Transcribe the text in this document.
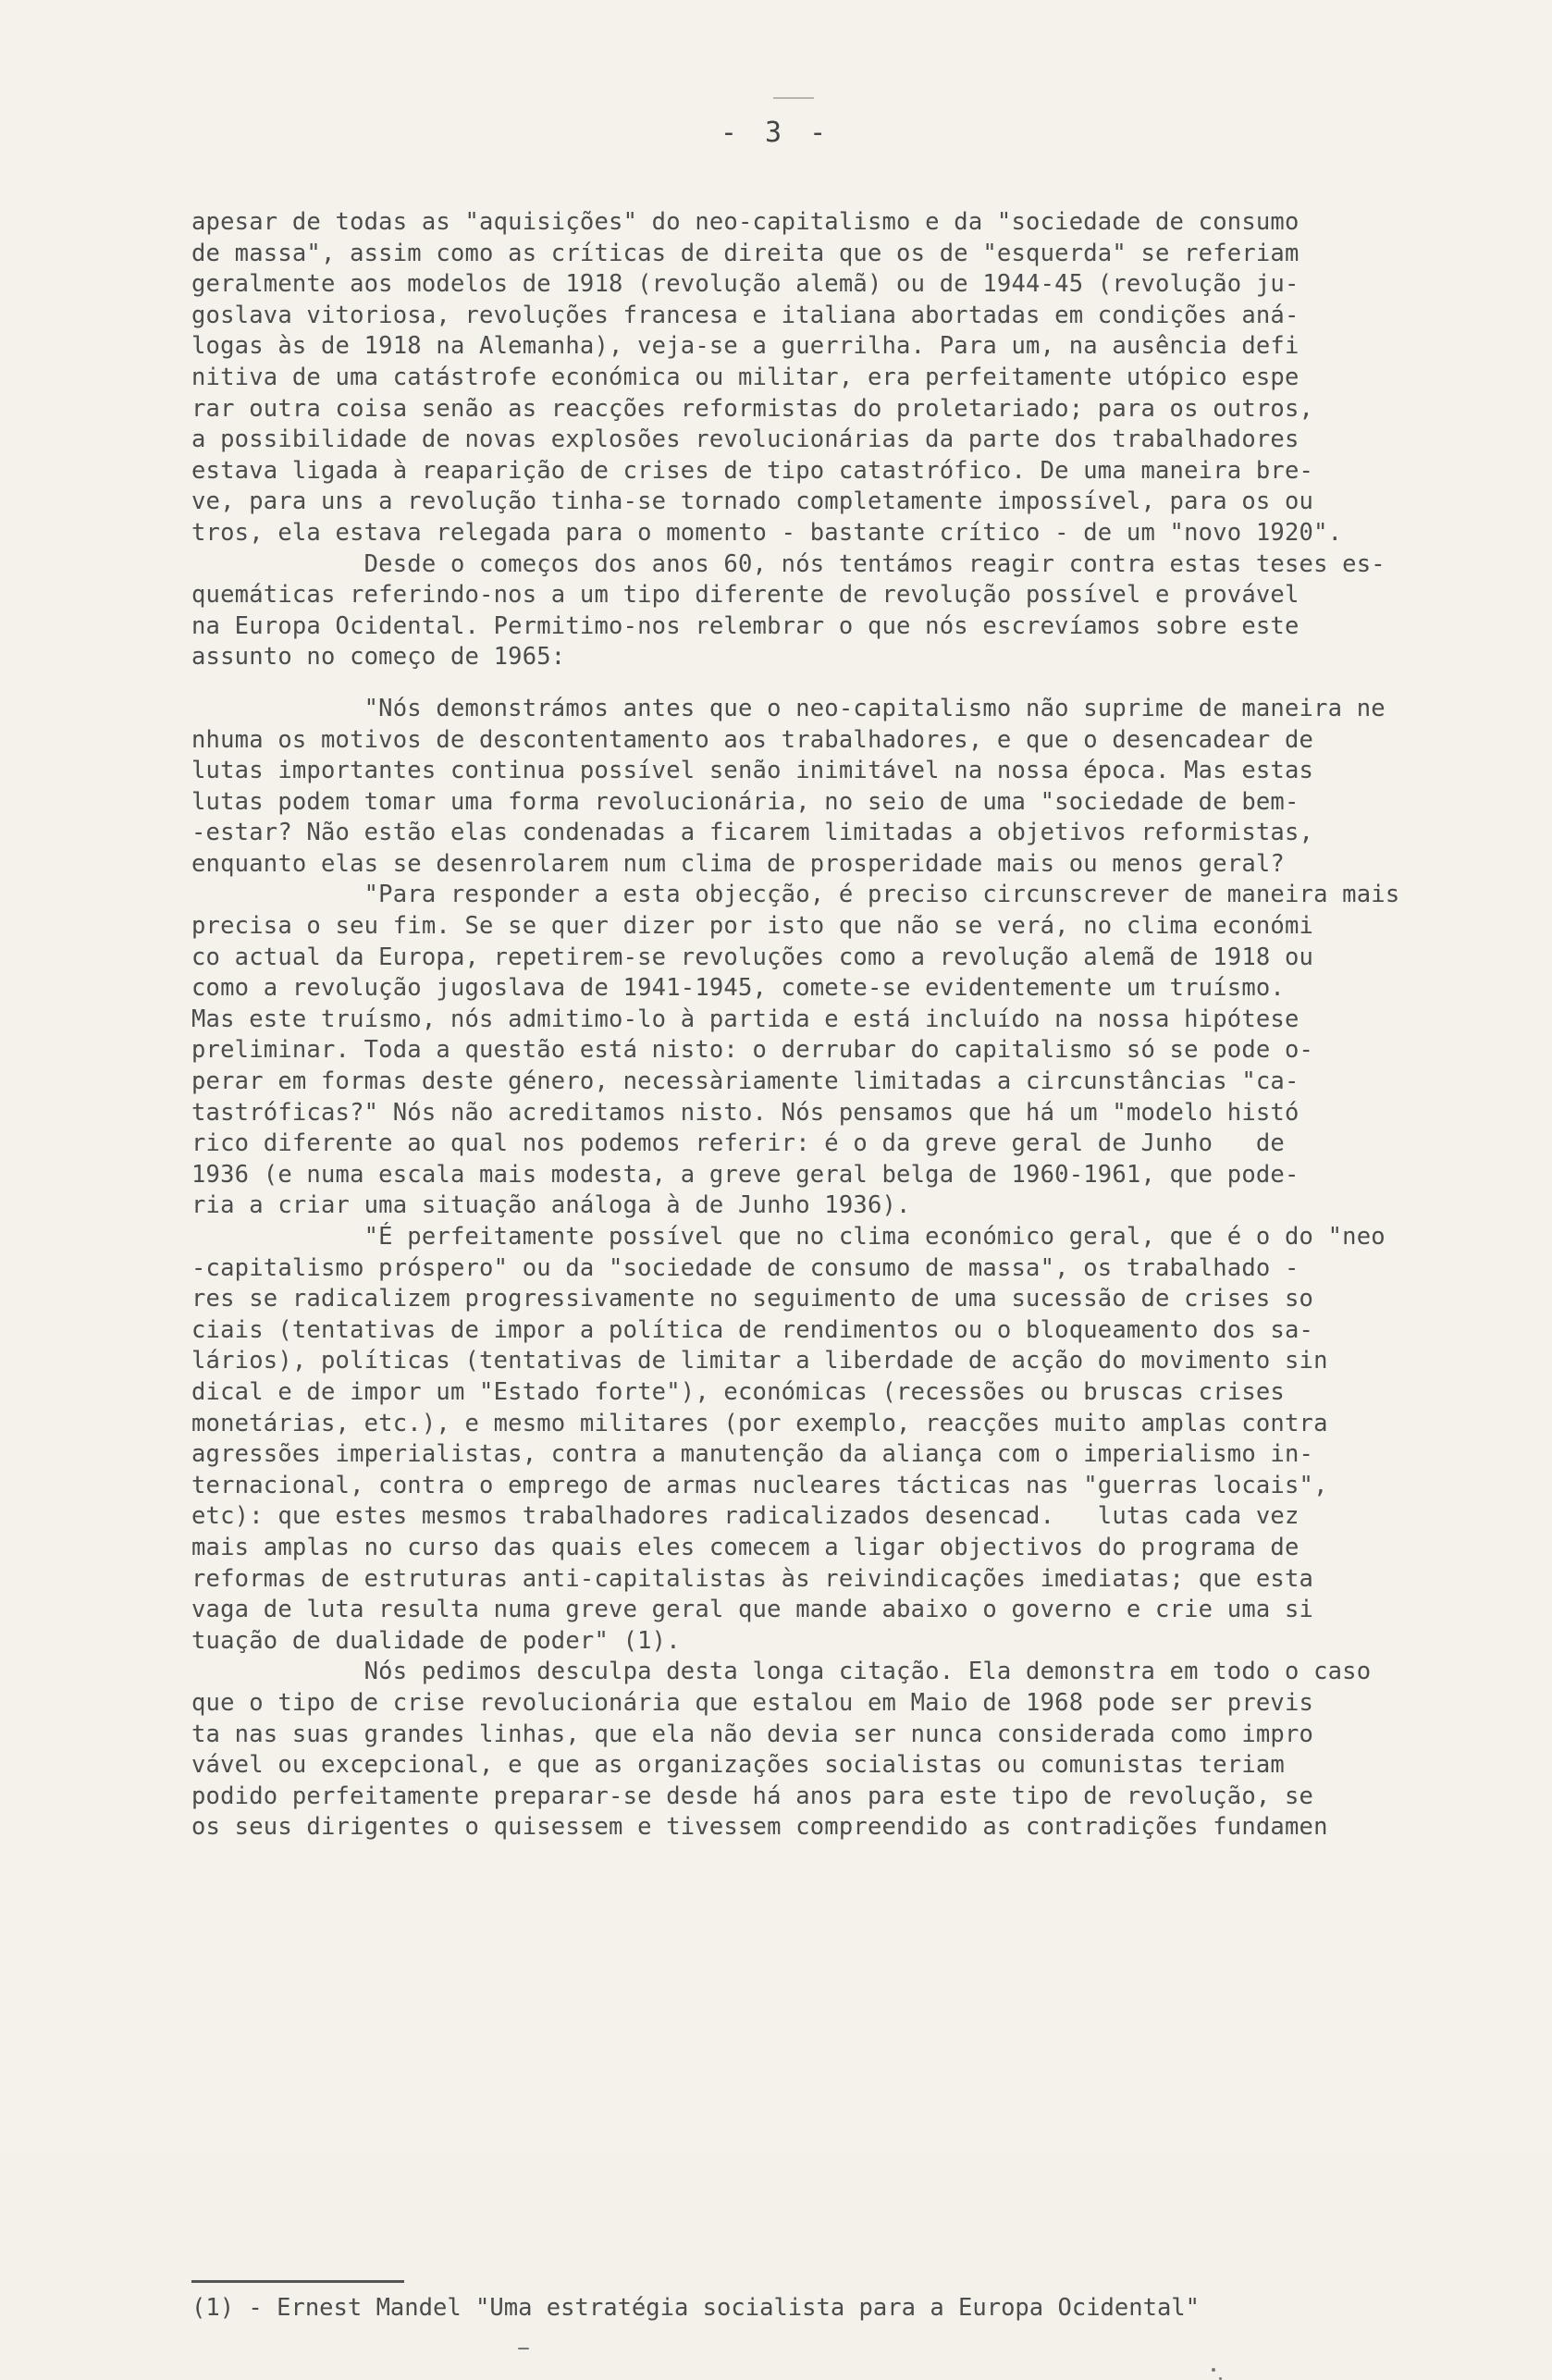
- 3 -
apesar de todas as "aquisições" do neo-capitalismo e da "sociedade de consumo
de massa", assim como as críticas de direita que os de "esquerda" se referiam
geralmente aos modelos de 1918 (revolução alemã) ou de 1944-45 (revolução ju-
goslava vitoriosa, revoluções francesa e italiana abortadas em condições aná-
logas às de 1918 na Alemanha), veja-se a guerrilha. Para um, na ausência defi
nitiva de uma catástrofe económica ou militar, era perfeitamente utópico espe
rar outra coisa senão as reacções reformistas do proletariado; para os outros,
a possibilidade de novas explosões revolucionárias da parte dos trabalhadores
estava ligada à reaparição de crises de tipo catastrófico. De uma maneira bre-
ve, para uns a revolução tinha-se tornado completamente impossível, para os ou
tros, ela estava relegada para o momento - bastante crítico - de um "novo 1920".
Desde o começos dos anos 60, nós tentámos reagir contra estas teses es-
quemáticas referindo-nos a um tipo diferente de revolução possível e provável
na Europa Ocidental. Permitimo-nos relembrar o que nós escrevíamos sobre este
assunto no começo de 1965:
"Nós demonstrámos antes que o neo-capitalismo não suprime de maneira ne
nhuma os motivos de descontentamento aos trabalhadores, e que o desencadear de
lutas importantes continua possível senão inimitável na nossa época. Mas estas
lutas podem tomar uma forma revolucionária, no seio de uma "sociedade de bem-
-estar? Não estão elas condenadas a ficarem limitadas a objetivos reformistas,
enquanto elas se desenrolarem num clima de prosperidade mais ou menos geral?
"Para responder a esta objecção, é preciso circunscrever de maneira mais
precisa o seu fim. Se se quer dizer por isto que não se verá, no clima económi
co actual da Europa, repetirem-se revoluções como a revolução alemã de 1918 ou
como a revolução jugoslava de 1941-1945, comete-se evidentemente um truísmo.
Mas este truísmo, nós admitimo-lo à partida e está incluído na nossa hipótese
preliminar. Toda a questão está nisto: o derrubar do capitalismo só se pode o-
perar em formas deste género, necessàriamente limitadas a circunstâncias "ca-
tastróficas?" Nós não acreditamos nisto. Nós pensamos que há um "modelo histó
rico diferente ao qual nos podemos referir: é o da greve geral de Junho   de
1936 (e numa escala mais modesta, a greve geral belga de 1960-1961, que pode-
ria a criar uma situação análoga à de Junho 1936).
"É perfeitamente possível que no clima económico geral, que é o do "neo
-capitalismo próspero" ou da "sociedade de consumo de massa", os trabalhado -
res se radicalizem progressivamente no seguimento de uma sucessão de crises so
ciais (tentativas de impor a política de rendimentos ou o bloqueamento dos sa-
lários), políticas (tentativas de limitar a liberdade de acção do movimento sin
dical e de impor um "Estado forte"), económicas (recessões ou bruscas crises
monetárias, etc.), e mesmo militares (por exemplo, reacções muito amplas contra
agressões imperialistas, contra a manutenção da aliança com o imperialismo in-
ternacional, contra o emprego de armas nucleares tácticas nas "guerras locais",
etc): que estes mesmos trabalhadores radicalizados desencad.   lutas cada vez
mais amplas no curso das quais eles comecem a ligar objectivos do programa de
reformas de estruturas anti-capitalistas às reivindicações imediatas; que esta
vaga de luta resulta numa greve geral que mande abaixo o governo e crie uma si
tuação de dualidade de poder" (1).
Nós pedimos desculpa desta longa citação. Ela demonstra em todo o caso
que o tipo de crise revolucionária que estalou em Maio de 1968 pode ser previs
ta nas suas grandes linhas, que ela não devia ser nunca considerada como impro
vável ou excepcional, e que as organizações socialistas ou comunistas teriam
podido perfeitamente preparar-se desde há anos para este tipo de revolução, se
os seus dirigentes o quisessem e tivessem compreendido as contradições fundamen
(1) - Ernest Mandel "Uma estratégia socialista para a Europa Ocidental"
